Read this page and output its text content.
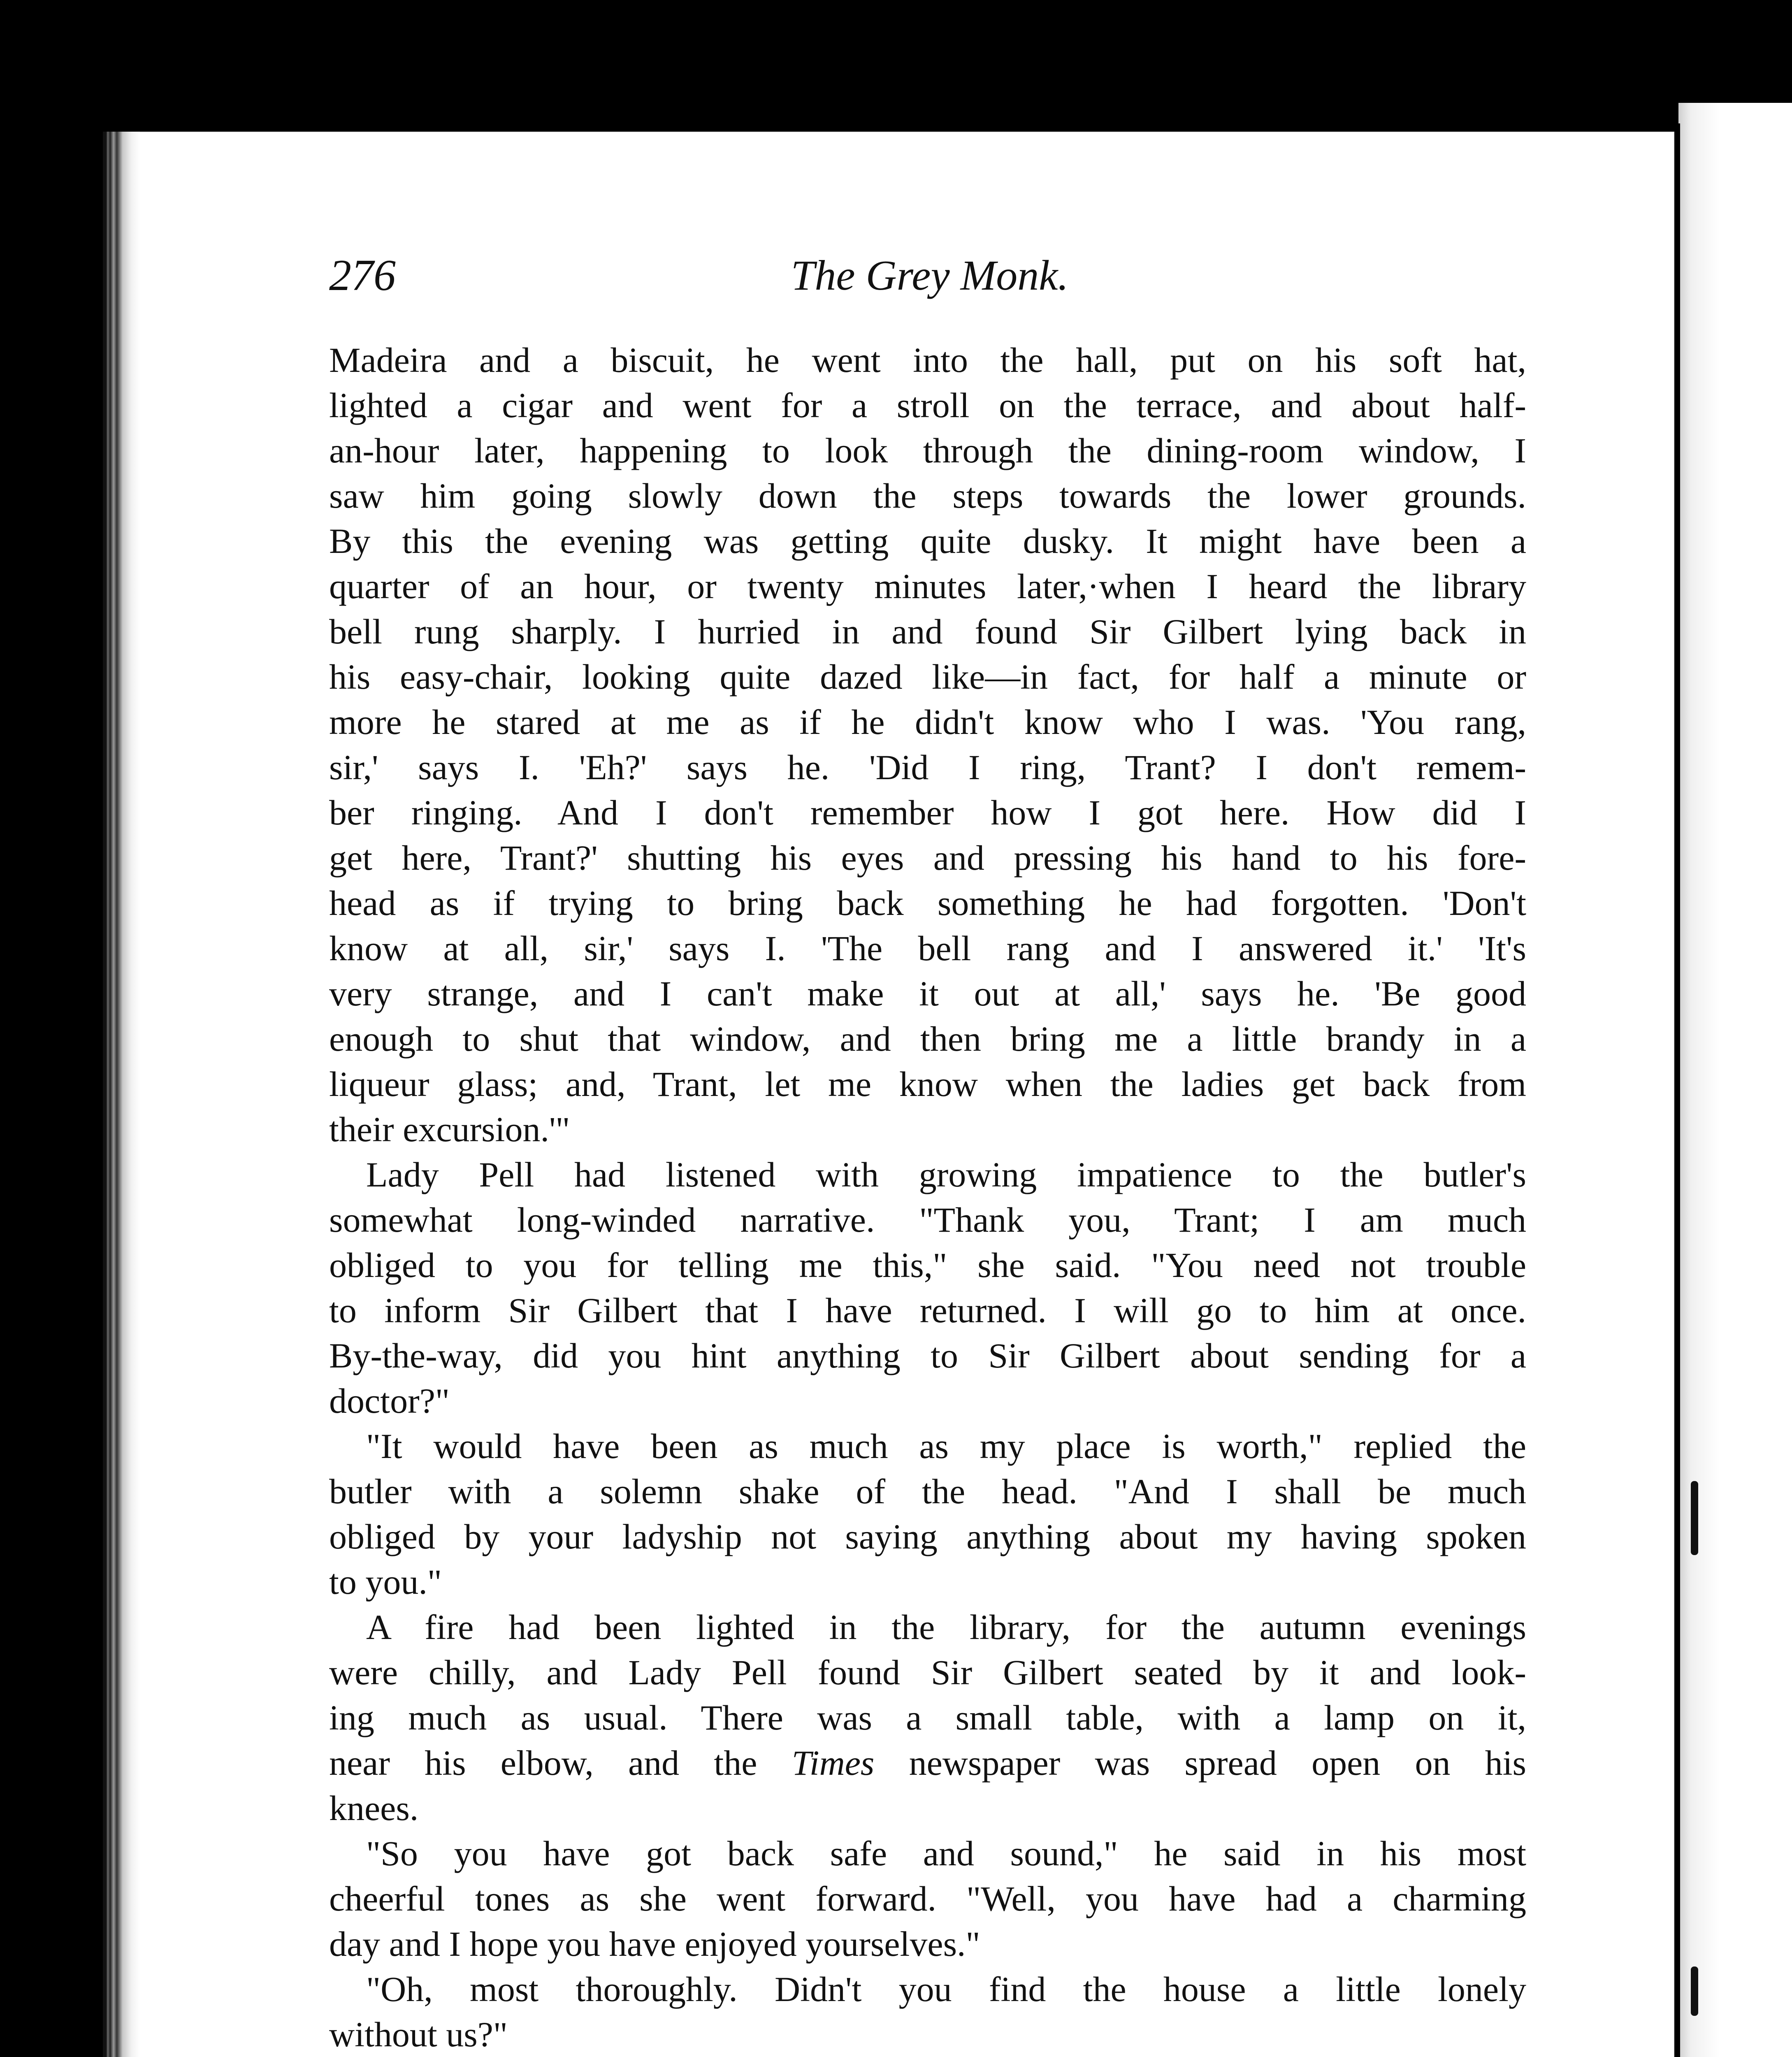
276	The Grey Monk.
Madeira and a biscuit, he went into the hall, put on his soft hat,
lighted a cigar and went for a stroll on the terrace, and about half-
an-hour later, happening to look through the dining-room window, I
saw him going slowly down the steps towards the lower grounds.
By this the evening was getting quite dusky. It might have been a
quarter of an hour, or twenty minutes later,·when I heard the library
bell rung sharply. I hurried in and found Sir Gilbert lying back in
his easy-chair, looking quite dazed like—in fact, for half a minute or
more he stared at me as if he didn't know who I was. 'You rang,
sir,' says I. 'Eh?' says he. 'Did I ring, Trant? I don't remem-
ber ringing. And I don't remember how I got here. How did I
get here, Trant?' shutting his eyes and pressing his hand to his fore-
head as if trying to bring back something he had forgotten. 'Don't
know at all, sir,' says I. 'The bell rang and I answered it.' 'It's
very strange, and I can't make it out at all,' says he. 'Be good
enough to shut that window, and then bring me a little brandy in a
liqueur glass; and, Trant, let me know when the ladies get back from
their excursion.'"
Lady Pell had listened with growing impatience to the butler's
somewhat long-winded narrative. "Thank you, Trant; I am much
obliged to you for telling me this," she said. "You need not trouble
to inform Sir Gilbert that I have returned. I will go to him at once.
By-the-way, did you hint anything to Sir Gilbert about sending for a
doctor?"
"It would have been as much as my place is worth," replied the
butler with a solemn shake of the head. "And I shall be much
obliged by your ladyship not saying anything about my having spoken
to you."
A fire had been lighted in the library, for the autumn evenings
were chilly, and Lady Pell found Sir Gilbert seated by it and look-
ing much as usual. There was a small table, with a lamp on it,
near his elbow, and the Times newspaper was spread open on his
knees.
"So you have got back safe and sound," he said in his most
cheerful tones as she went forward. "Well, you have had a charming
day and I hope you have enjoyed yourselves."
"Oh, most thoroughly. Didn't you find the house a little lonely
without us?"
